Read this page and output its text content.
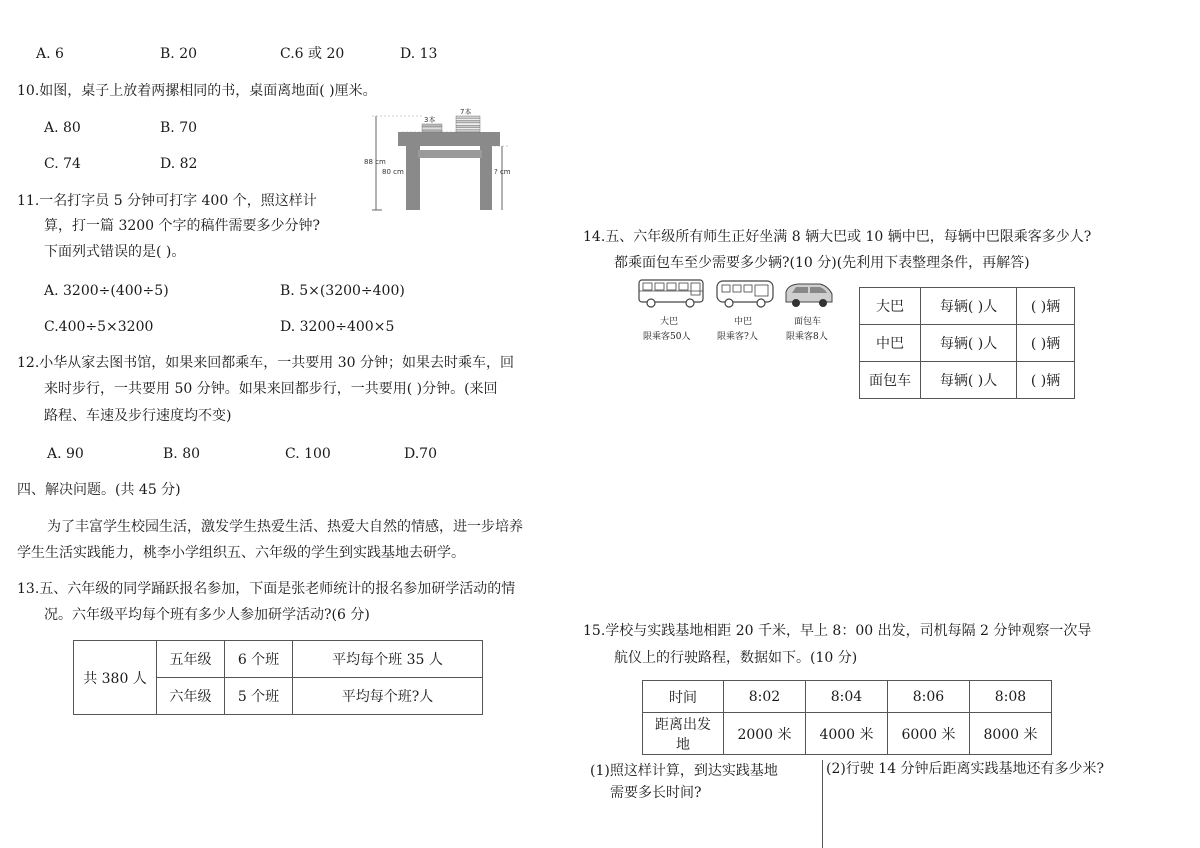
A. 6	B. 20	C.6 或 20	D. 13
10.如图，桌子上放着两摞相同的书，桌面离地面( )厘米。
A. 80	B. 70
C. 74	D. 82
3本
7本
88 cm
80 cm	? cm
11.一名打字员 5 分钟可打字 400 个，照这样计
算，打一篇 3200 个字的稿件需要多少分钟?
下面列式错误的是( )。
A. 3200÷(400÷5)	B. 5×(3200÷400)
C.400÷5×3200	D. 3200÷400×5
12.小华从家去图书馆，如果来回都乘车，一共要用 30 分钟；如果去时乘车，回
来时步行，一共要用 50 分钟。如果来回都步行，一共要用( )分钟。(来回
路程、车速及步行速度均不变)
A. 90	B. 80	C. 100	D.70
四、解决问题。(共 45 分)
为了丰富学生校园生活，激发学生热爱生活、热爱大自然的情感，进一步培养
学生生活实践能力，桃李小学组织五、六年级的学生到实践基地去研学。
13.五、六年级的同学踊跃报名参加，下面是张老师统计的报名参加研学活动的情
况。六年级平均每个班有多少人参加研学活动?(6 分)
共 380 人	五年级	6 个班	平均每个班 35 人
	六年级	5 个班	平均每个班?人
14.五、六年级所有师生正好坐满 8 辆大巴或 10 辆中巴，每辆中巴限乘客多少人?
都乘面包车至少需要多少辆?(10 分)(先利用下表整理条件，再解答)
大巴
限乘客50人
中巴
限乘客?人
面包车
限乘客8人
大巴	每辆( )人	( )辆
中巴	每辆( )人	( )辆
面包车	每辆( )人	( )辆
15.学校与实践基地相距 20 千米，早上 8：00 出发，司机每隔 2 分钟观察一次导
航仪上的行驶路程，数据如下。(10 分)
时间	8:02	8:04	8:06	8:08
距离出发地	2000 米	4000 米	6000 米	8000 米
(1)照这样计算，到达实践基地
需要多长时间?
(2)行驶 14 分钟后距离实践基地还有多少米?
